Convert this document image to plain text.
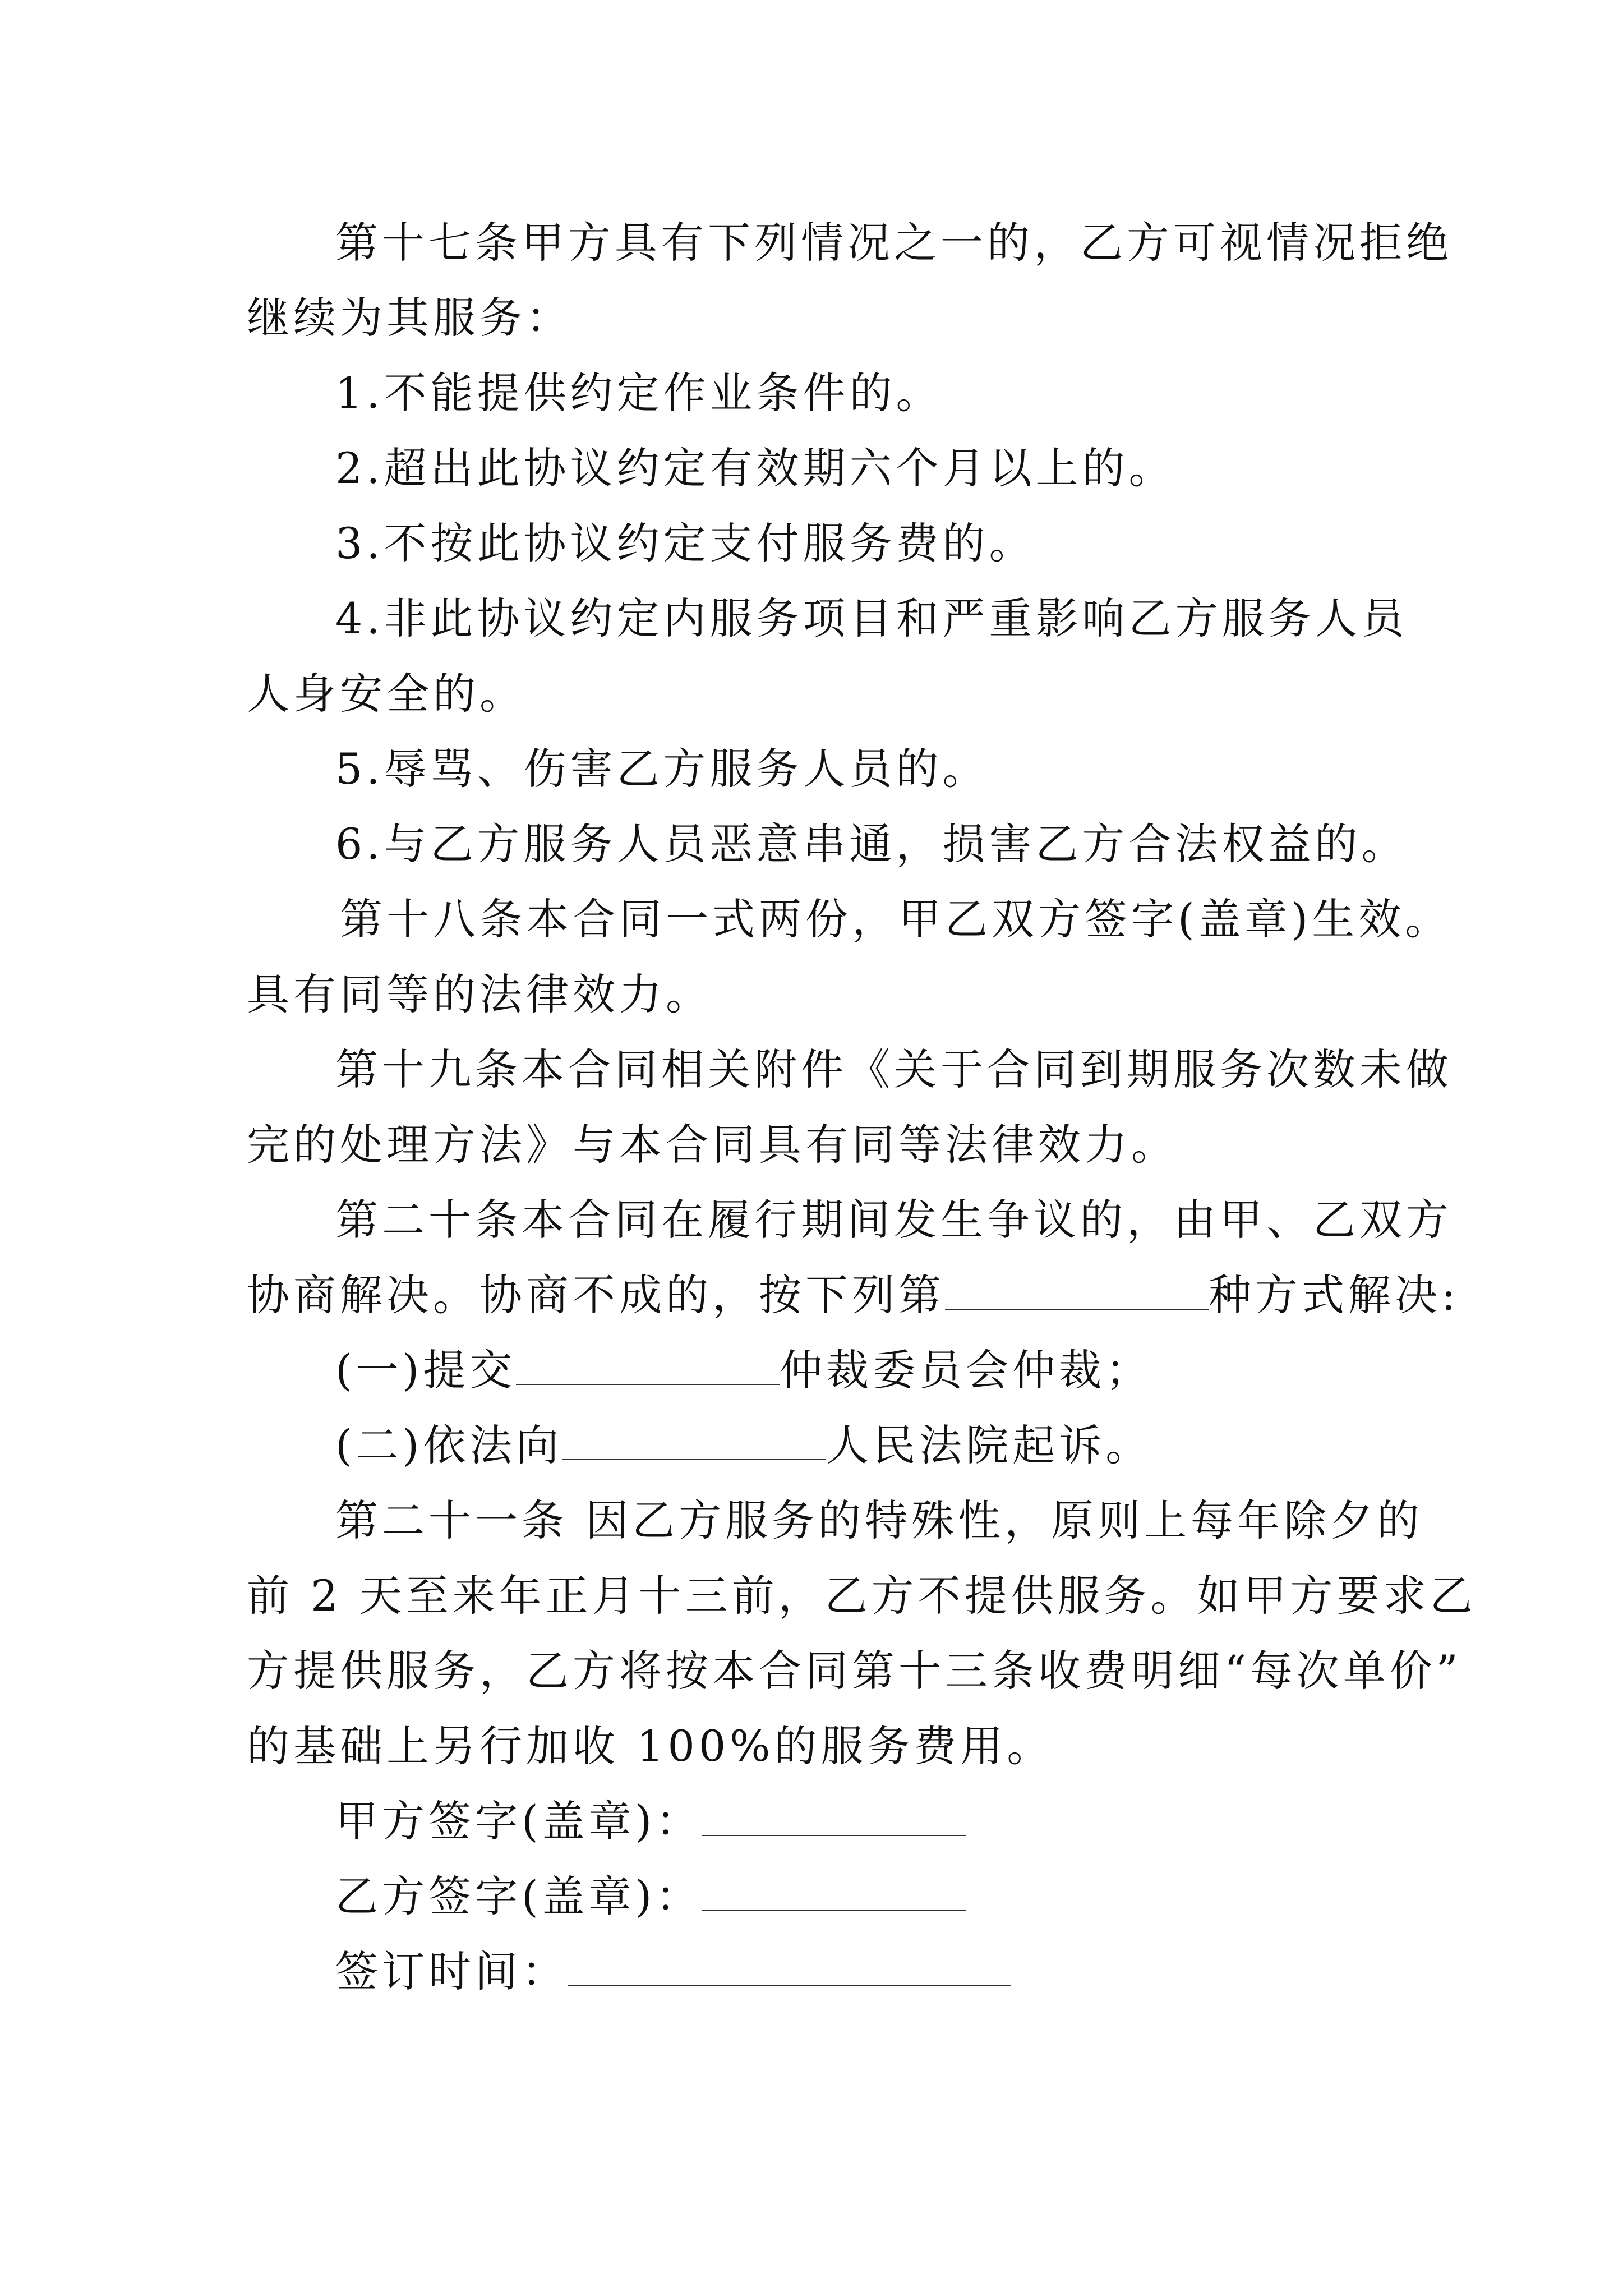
第十七条甲方具有下列情况之一的，乙方可视情况拒绝
继续为其服务：
1.不能提供约定作业条件的。
2.超出此协议约定有效期六个月以上的。
3.不按此协议约定支付服务费的。
4.非此协议约定内服务项目和严重影响乙方服务人员
人身安全的。
5.辱骂、伤害乙方服务人员的。
6.与乙方服务人员恶意串通，损害乙方合法权益的。
第十八条本合同一式两份，甲乙双方签字(盖章)生效。
具有同等的法律效力。
第十九条本合同相关附件《关于合同到期服务次数未做
完的处理方法》与本合同具有同等法律效力。
第二十条本合同在履行期间发生争议的，由甲、乙双方
协商解决。协商不成的，按下列第	种方式解决:
(一)提交	仲裁委员会仲裁；
(二)依法向	人民法院起诉。
第二十一条 因乙方服务的特殊性，原则上每年除夕的
前 2 天至来年正月十三前，乙方不提供服务。如甲方要求乙
方提供服务，乙方将按本合同第十三条收费明细“每次单价”
的基础上另行加收 100%的服务费用。
甲方签字(盖章)：
乙方签字(盖章)：
签订时间：
